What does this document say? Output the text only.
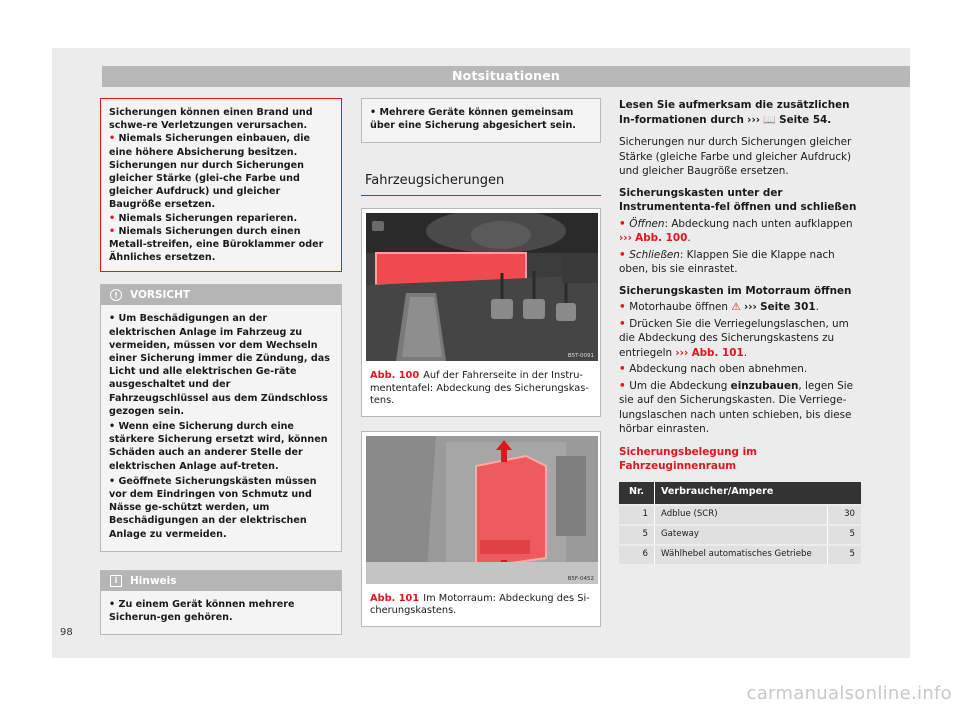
Notsituationen

Sicherungen können einen Brand und schwe-re Verletzungen verursachen.

• Niemals Sicherungen einbauen, die eine höhere Absicherung besitzen. Sicherungen nur durch Sicherungen gleicher Stärke (glei-che Farbe und gleicher Aufdruck) und gleicher Baugröße ersetzen.

• Niemals Sicherungen reparieren.

• Niemals Sicherungen durch einen Metall-streifen, eine Büroklammer oder Ähnliches ersetzen.

!	VORSICHT

• Um Beschädigungen an der elektrischen Anlage im Fahrzeug zu vermeiden, müssen vor dem Wechseln einer Sicherung immer die Zündung, das Licht und alle elektrischen Ge-räte ausgeschaltet und der Fahrzeugschlüssel aus dem Zündschloss gezogen sein.

• Wenn eine Sicherung durch eine stärkere Sicherung ersetzt wird, können Schäden auch an anderer Stelle der elektrischen Anlage auf-treten.

• Geöffnete Sicherungskästen müssen vor dem Eindringen von Schmutz und Nässe ge-schützt werden, um Beschädigungen an der elektrischen Anlage zu vermeiden.

i	Hinweis

• Zu einem Gerät können mehrere Sicherun-gen gehören.

• Mehrere Geräte können gemeinsam über eine Sicherung abgesichert sein.

Fahrzeugsicherungen
B5T-0091
Abb. 100 Auf der Fahrerseite in der Instru-mententafel: Abdeckung des Sicherungskas-tens.
B5F-0452
Abb. 101 Im Motorraum: Abdeckung des Si-cherungskastens.

Lesen Sie aufmerksam die zusätzlichen In-formationen durch ››› 📖 Seite 54.

Sicherungen nur durch Sicherungen gleicher Stärke (gleiche Farbe und gleicher Aufdruck) und gleicher Baugröße ersetzen.

Sicherungskasten unter der Instrumententa-fel öffnen und schließen

• Öffnen: Abdeckung nach unten aufklappen ››› Abb. 100.

• Schließen: Klappen Sie die Klappe nach oben, bis sie einrastet.

Sicherungskasten im Motorraum öffnen

• Motorhaube öffnen ⚠ ››› Seite 301.

• Drücken Sie die Verriegelungslaschen, um die Abdeckung des Sicherungskastens zu entriegeln ››› Abb. 101.

• Abdeckung nach oben abnehmen.

• Um die Abdeckung einzubauen, legen Sie sie auf den Sicherungskasten. Die Verriege-lungslaschen nach unten schieben, bis diese hörbar einrasten.

Sicherungsbelegung im Fahrzeuginnenraum
Nr.	Verbraucher/Ampere	
1	Adblue (SCR)	30
5	Gateway	5
6	Wählhebel automatisches Getriebe	5
98
carmanualsonline.info
